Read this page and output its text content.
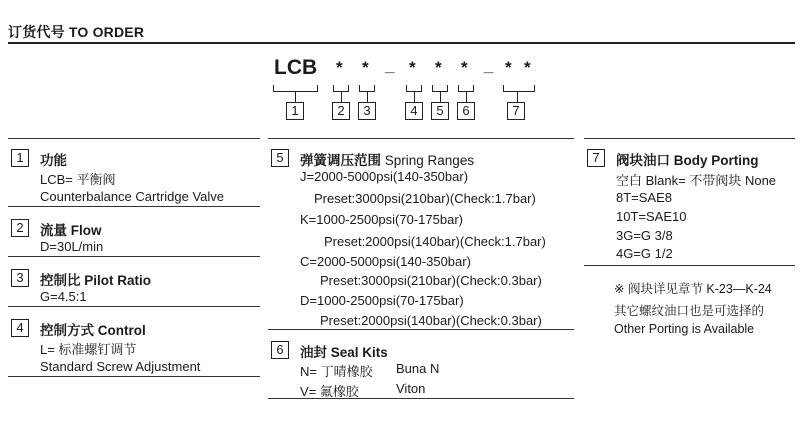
订货代号 TO ORDER
LCB * * _ * * * _ * *
1	2	3	4	5	6	7
1	功能
LCB= 平衡阀
Counterbalance Cartridge Valve
2	流量 Flow
D=30L/min
3	控制比 Pilot Ratio
G=4.5:1
4	控制方式 Control
L= 标准螺钉调节
Standard Screw Adjustment
5	弹簧调压范围 Spring Ranges
J=2000-5000psi(140-350bar)
Preset:3000psi(210bar)(Check:1.7bar)
K=1000-2500psi(70-175bar)
Preset:2000psi(140bar)(Check:1.7bar)
C=2000-5000psi(140-350bar)
Preset:3000psi(210bar)(Check:0.3bar)
D=1000-2500psi(70-175bar)
Preset:2000psi(140bar)(Check:0.3bar)
6	油封 Seal Kits
N= 丁晴橡胶 Buna N
V= 氟橡胶	Viton
7	阀块油口 Body Porting
空白 Blank= 不带阀块 None
8T=SAE8
10T=SAE10
3G=G 3/8
4G=G 1/2
※ 阀块详见章节 K-23—K-24
其它螺纹油口也是可选择的
Other Porting is Available
